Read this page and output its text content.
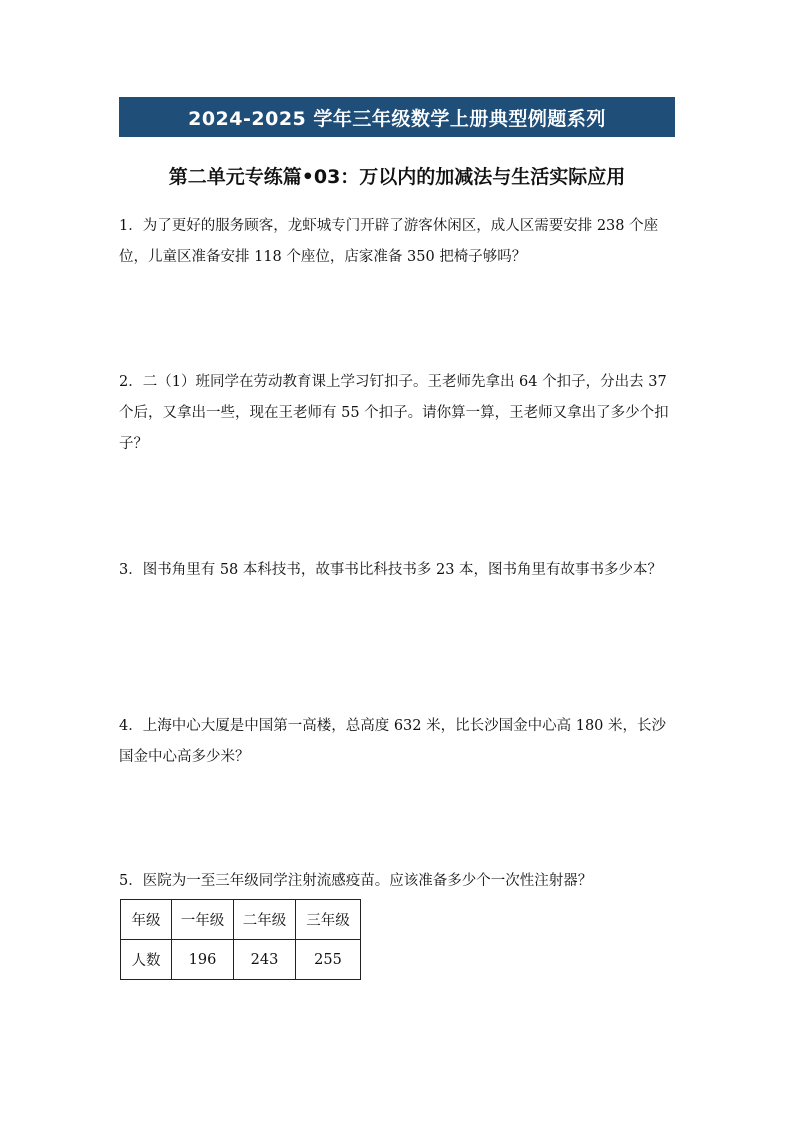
2024-2025 学年三年级数学上册典型例题系列
第二单元专练篇•03：万以内的加减法与生活实际应用
1．为了更好的服务顾客，龙虾城专门开辟了游客休闲区，成人区需要安排 238 个座位，儿童区准备安排 118 个座位，店家准备 350 把椅子够吗？
2．二（1）班同学在劳动教育课上学习钉扣子。王老师先拿出 64 个扣子，分出去 37 个后，又拿出一些，现在王老师有 55 个扣子。请你算一算，王老师又拿出了多少个扣子？
3．图书角里有 58 本科技书，故事书比科技书多 23 本，图书角里有故事书多少本？
4．上海中心大厦是中国第一高楼，总高度 632 米，比长沙国金中心高 180 米，长沙国金中心高多少米？
5．医院为一至三年级同学注射流感疫苗。应该准备多少个一次性注射器？
年级	一年级	二年级	三年级
人数	196	243	255
